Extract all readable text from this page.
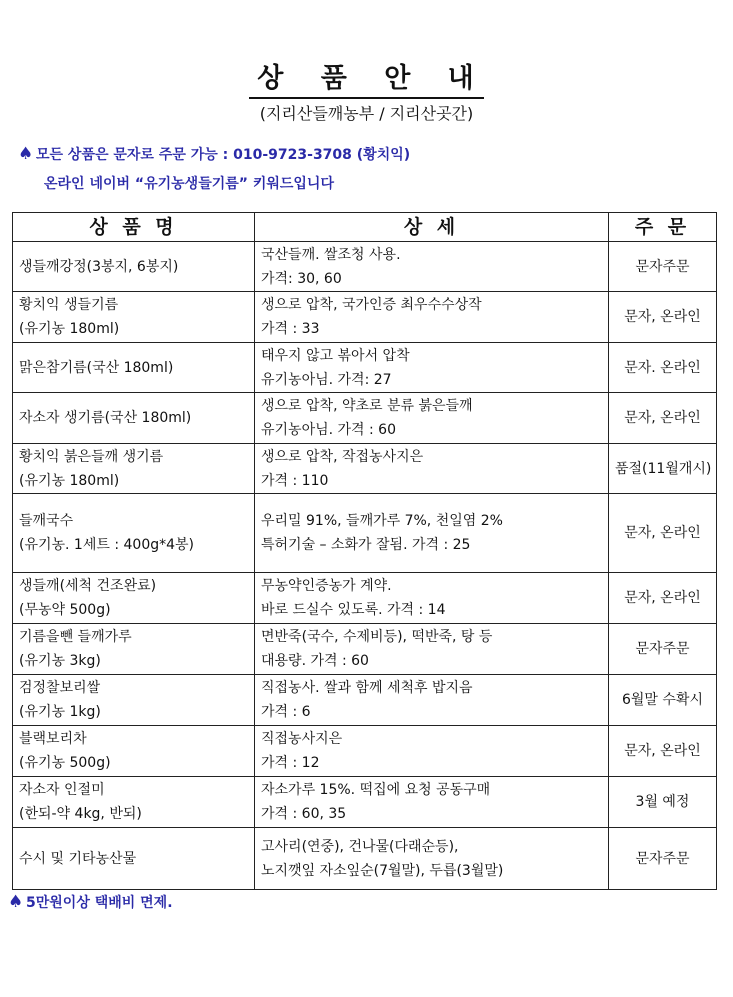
상 품 안 내
(지리산들깨농부 / 지리산곳간)
♠ 모든 상품은 문자로 주문 가능 : 010-9723-3708 (황치익)
온라인 네이버 “유기농생들기름” 키워드입니다
상 품 명	상 세	주 문

생들깨강정(3봉지, 6봉지)	국산들깨. 쌀조청 사용.
가격: 30, 60	문자주문

황치익 생들기름
(유기농 180ml)	생으로 압착, 국가인증 최우수수상작
가격 : 33	문자, 온라인

맑은참기름(국산 180ml)	태우지 않고 볶아서 압착
유기농아님. 가격: 27	문자. 온라인

자소자 생기름(국산 180ml)	생으로 압착, 약초로 분류 붉은들깨
유기농아님. 가격 : 60	문자, 온라인

황치익 붉은들깨 생기름
(유기농 180ml)	생으로 압착, 작접농사지은
가격 : 110	품절(11월개시)

들깨국수
(유기농. 1세트 : 400g*4봉)	우리밀 91%, 들깨가루 7%, 천일염 2%
특허기술 – 소화가 잘됨. 가격 : 25	문자, 온라인

생들깨(세척 건조완료)
(무농약 500g)	무농약인증농가 계약.
바로 드실수 있도록. 가격 : 14	문자, 온라인

기름을뺀 들깨가루
(유기농 3kg)	면반죽(국수, 수제비등), 떡반죽, 탕 등
대용량. 가격 : 60	문자주문

검정찰보리쌀
(유기농 1kg)	직접농사. 쌀과 함께 세척후 밥지음
가격 : 6	6월말 수확시

블랙보리차
(유기농 500g)	직접농사지은
가격 : 12	문자, 온라인

자소자 인절미
(한되-약 4kg, 반되)	자소가루 15%. 떡집에 요청 공동구매
가격 : 60, 35	3월 예정

수시 및 기타농산물	고사리(연중), 건나물(다래순등),
노지깻잎 자소잎순(7월말), 두릅(3월말)	문자주문
♠ 5만원이상 택배비 면제.
